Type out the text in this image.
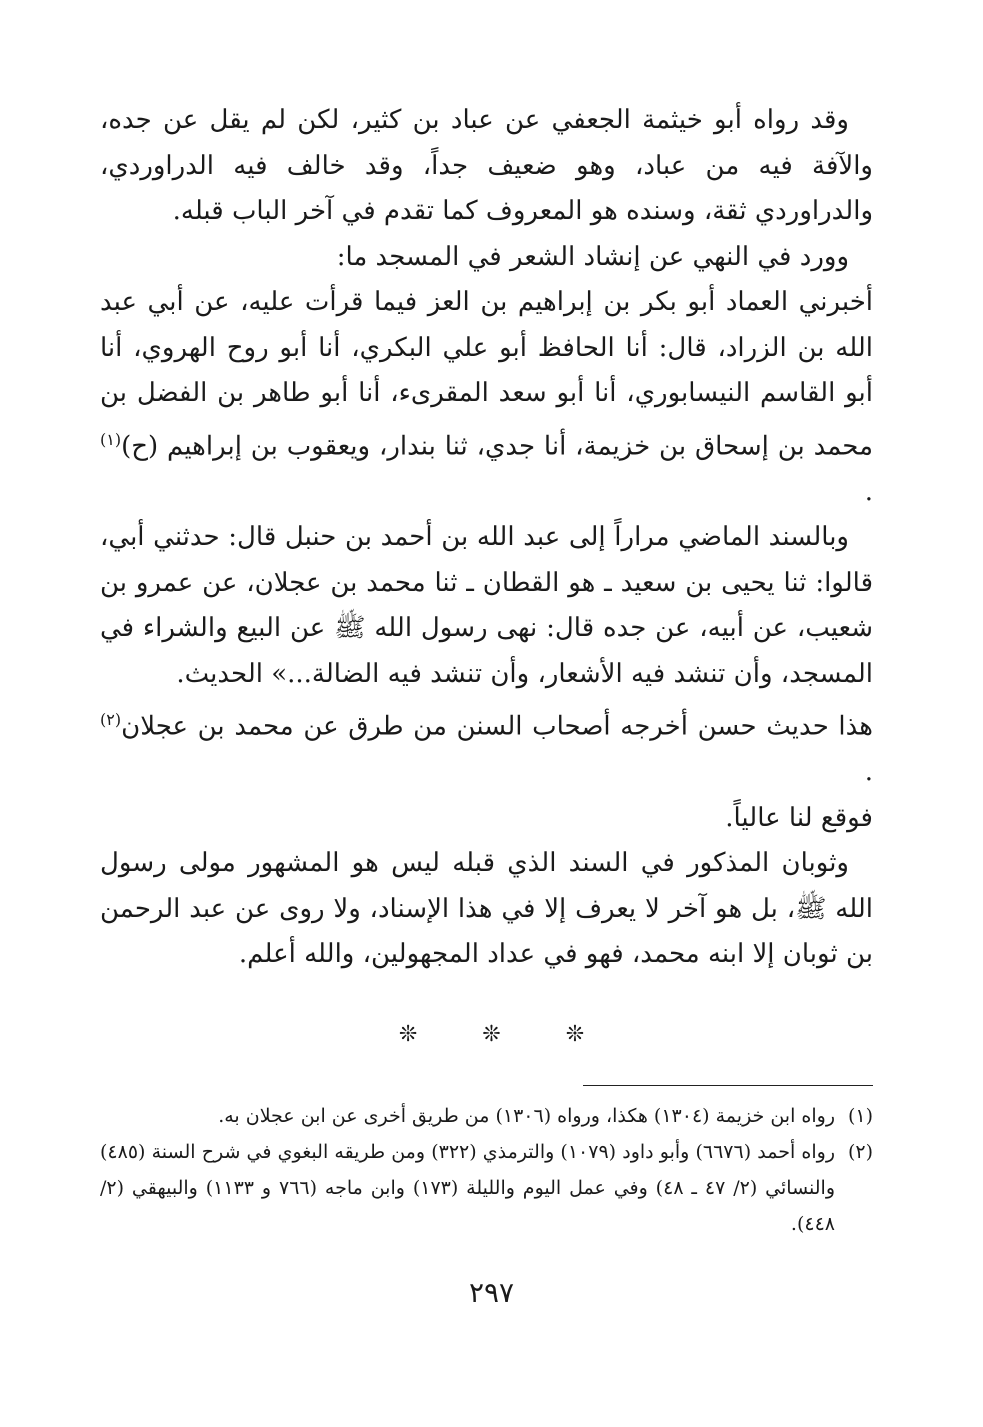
وقد رواه أبو خيثمة الجعفي عن عباد بن كثير، لكن لم يقل عن جده، والآفة فيه من عباد، وهو ضعيف جداً، وقد خالف فيه الدراوردي، والدراوردي ثقة، وسنده هو المعروف كما تقدم في آخر الباب قبله.

وورد في النهي عن إنشاد الشعر في المسجد ما:

أخبرني العماد أبو بكر بن إبراهيم بن العز فيما قرأت عليه، عن أبي عبد الله بن الزراد، قال: أنا الحافظ أبو علي البكري، أنا أبو روح الهروي، أنا أبو القاسم النيسابوري، أنا أبو سعد المقرىء، أنا أبو طاهر بن الفضل بن محمد بن إسحاق بن خزيمة، أنا جدي، ثنا بندار، ويعقوب بن إبراهيم (ح)$^{(١)}$ .

وبالسند الماضي مراراً إلى عبد الله بن أحمد بن حنبل قال: حدثني أبي، قالوا: ثنا يحيى بن سعيد ـ هو القطان ـ ثنا محمد بن عجلان، عن عمرو بن شعيب، عن أبيه، عن جده قال: نهى رسول الله ﷺ عن البيع والشراء في المسجد، وأن تنشد فيه الأشعار، وأن تنشد فيه الضالة...» الحديث.

هذا حديث حسن أخرجه أصحاب السنن من طرق عن محمد بن عجلان$^{(٢)}$ .

فوقع لنا عالياً.

وثوبان المذكور في السند الذي قبله ليس هو المشهور مولى رسول الله ﷺ، بل هو آخر لا يعرف إلا في هذا الإسناد، ولا روى عن عبد الرحمن بن ثوبان إلا ابنه محمد، فهو في عداد المجهولين، والله أعلم.

❊ ❊ ❊

(١)
رواه ابن خزيمة (١٣٠٤) هكذا، ورواه (١٣٠٦) من طريق أخرى عن ابن عجلان به.

(٢)
رواه أحمد (٦٦٧٦) وأبو داود (١٠٧٩) والترمذي (٣٢٢) ومن طريقه البغوي في شرح السنة (٤٨٥) والنسائي (٢/ ٤٧ ـ ٤٨) وفي عمل اليوم والليلة (١٧٣) وابن ماجه (٧٦٦ و ١١٣٣) والبيهقي (٢/ ٤٤٨).

٢٩٧
